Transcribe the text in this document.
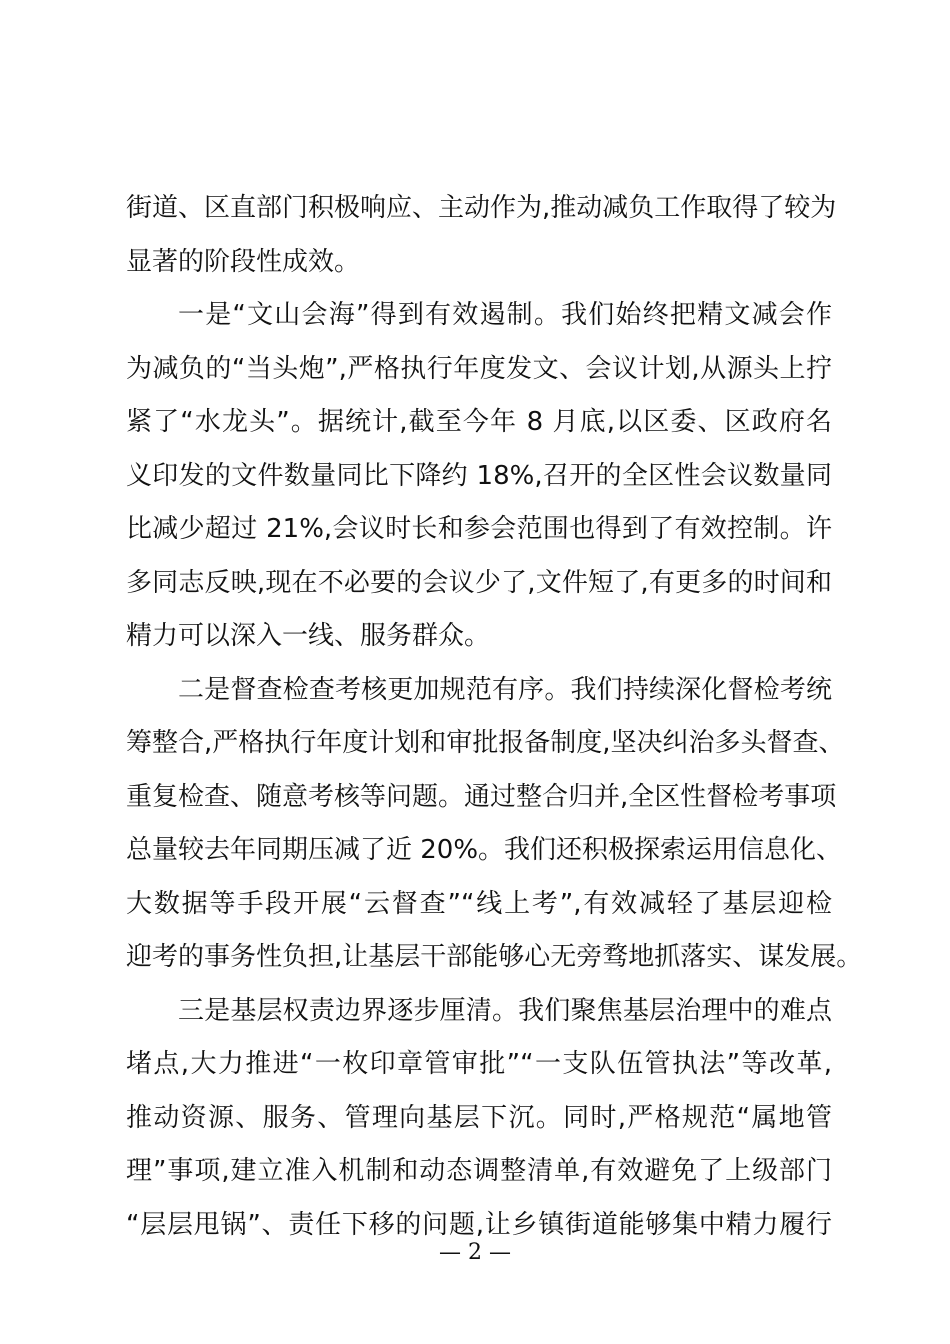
街道、区直部门积极响应、主动作为,推动减负工作取得了较为
显著的阶段性成效。
一是“文山会海”得到有效遏制。我们始终把精文减会作
为减负的“当头炮”,严格执行年度发文、会议计划,从源头上拧
紧了“水龙头”。据统计,截至今年 8 月底,以区委、区政府名
义印发的文件数量同比下降约 18%,召开的全区性会议数量同
比减少超过 21%,会议时长和参会范围也得到了有效控制。许
多同志反映,现在不必要的会议少了,文件短了,有更多的时间和
精力可以深入一线、服务群众。
二是督查检查考核更加规范有序。我们持续深化督检考统
筹整合,严格执行年度计划和审批报备制度,坚决纠治多头督查、
重复检查、随意考核等问题。通过整合归并,全区性督检考事项
总量较去年同期压减了近 20%。我们还积极探索运用信息化、
大数据等手段开展“云督查”“线上考”,有效减轻了基层迎检
迎考的事务性负担,让基层干部能够心无旁骛地抓落实、谋发展。
三是基层权责边界逐步厘清。我们聚焦基层治理中的难点
堵点,大力推进“一枚印章管审批”“一支队伍管执法”等改革,
推动资源、服务、管理向基层下沉。同时,严格规范“属地管
理”事项,建立准入机制和动态调整清单,有效避免了上级部门
“层层甩锅”、责任下移的问题,让乡镇街道能够集中精力履行
— 2 —
